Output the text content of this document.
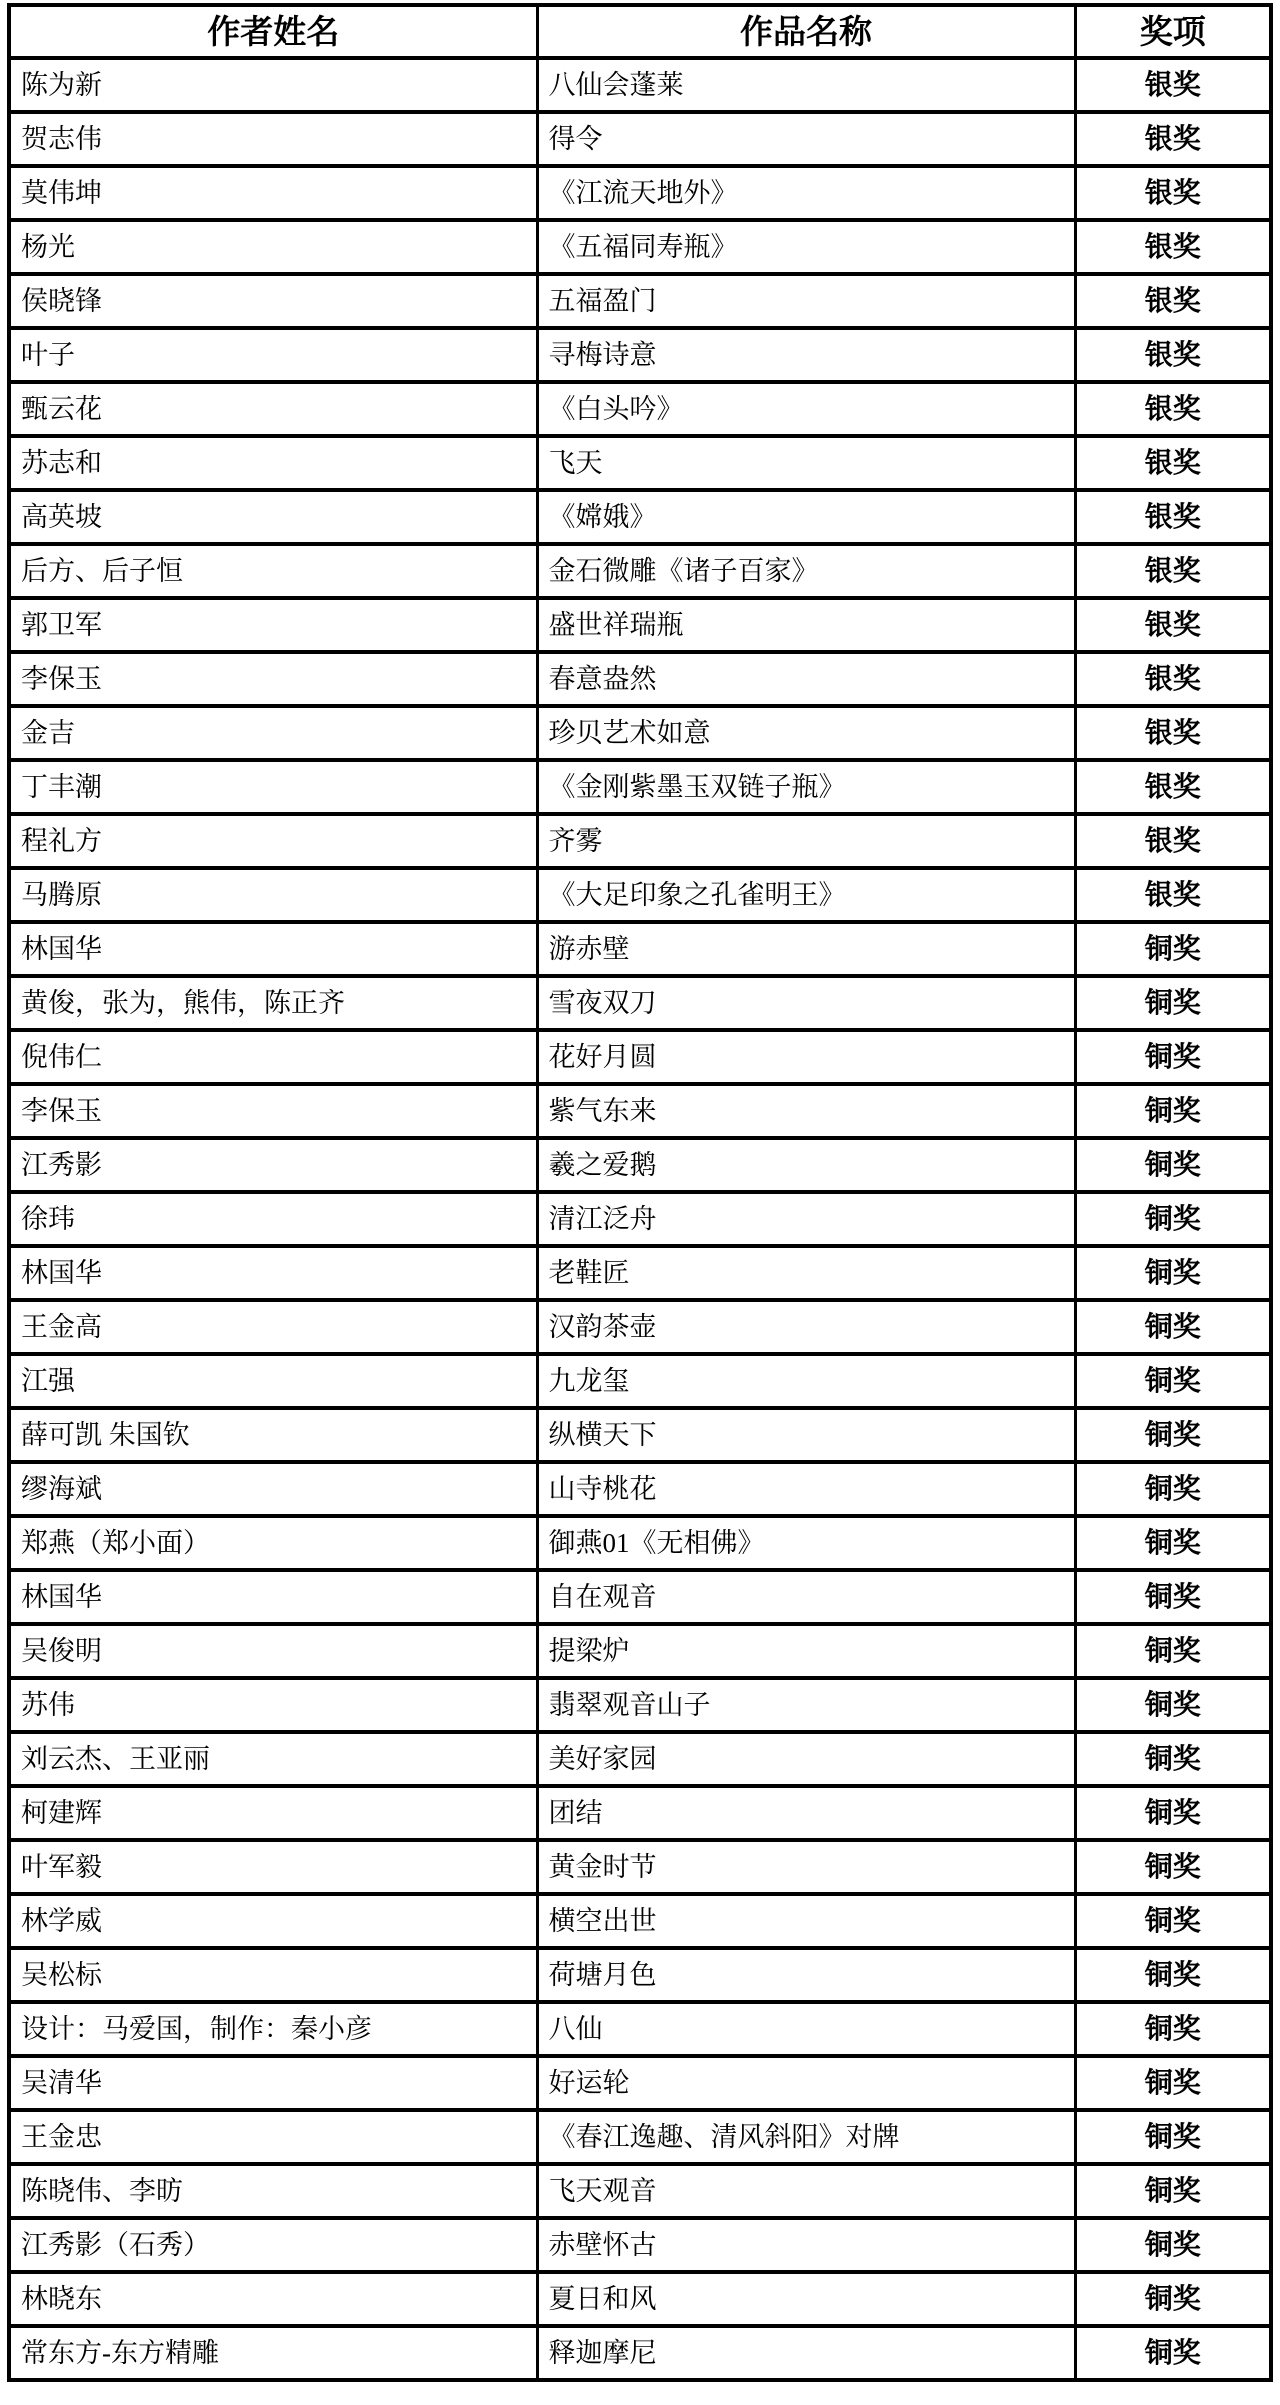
作者姓名	作品名称	奖项
陈为新	八仙会蓬莱	银奖
贺志伟	得令	银奖
莫伟坤	《江流天地外》	银奖
杨光	《五福同寿瓶》	银奖
侯晓锋	五福盈门	银奖
叶子	寻梅诗意	银奖
甄云花	《白头吟》	银奖
苏志和	飞天	银奖
高英坡	《嫦娥》	银奖
后方、后子恒	金石微雕《诸子百家》	银奖
郭卫军	盛世祥瑞瓶	银奖
李保玉	春意盎然	银奖
金吉	珍贝艺术如意	银奖
丁丰潮	《金刚紫墨玉双链子瓶》	银奖
程礼方	齐雾	银奖
马腾原	《大足印象之孔雀明王》	银奖
林国华	游赤壁	铜奖
黄俊，张为，熊伟，陈正齐	雪夜双刀	铜奖
倪伟仁	花好月圆	铜奖
李保玉	紫气东来	铜奖
江秀影	羲之爱鹅	铜奖
徐玮	清江泛舟	铜奖
林国华	老鞋匠	铜奖
王金高	汉韵茶壶	铜奖
江强	九龙玺	铜奖
薛可凯 朱国钦	纵横天下	铜奖
缪海斌	山寺桃花	铜奖
郑燕（郑小面）	御燕01《无相佛》	铜奖
林国华	自在观音	铜奖
吴俊明	提梁炉	铜奖
苏伟	翡翠观音山子	铜奖
刘云杰、王亚丽	美好家园	铜奖
柯建辉	团结	铜奖
叶军毅	黄金时节	铜奖
林学威	横空出世	铜奖
吴松标	荷塘月色	铜奖
设计：马爱国，制作：秦小彦	八仙	铜奖
吴清华	好运轮	铜奖
王金忠	《春江逸趣、清风斜阳》对牌	铜奖
陈晓伟、李昉	飞天观音	铜奖
江秀影（石秀）	赤壁怀古	铜奖
林晓东	夏日和风	铜奖
常东方-东方精雕	释迦摩尼	铜奖
